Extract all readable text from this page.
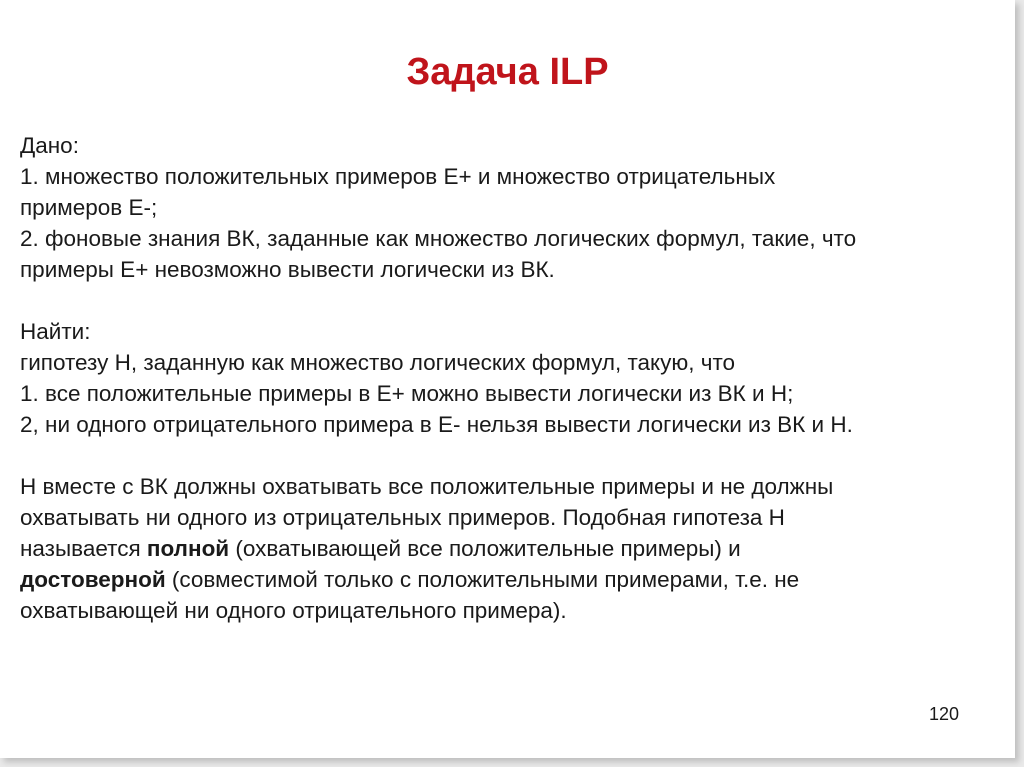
Задача ILP
Дано:
1. множество положительных примеров Е+ и множество отрицательных
примеров Е-;
2. фоновые знания ВК, заданные как множество логических формул, такие, что
примеры Е+ невозможно вывести логически из ВК.
Найти:
гипотезу Н, заданную как множество логических формул, такую, что
1. все положительные примеры в Е+ можно вывести логически из ВК и Н;
2, ни одного отрицательного примера в Е- нельзя вывести логически из ВК и Н.
Н вместе с ВК должны охватывать все положительные примеры и не должны
охватывать ни одного из отрицательных примеров. Подобная гипотеза Н
называется полной (охватывающей все положительные примеры) и
достоверной (совместимой только с положительными примерами, т.е. не
охватывающей ни одного отрицательного примера).
120
